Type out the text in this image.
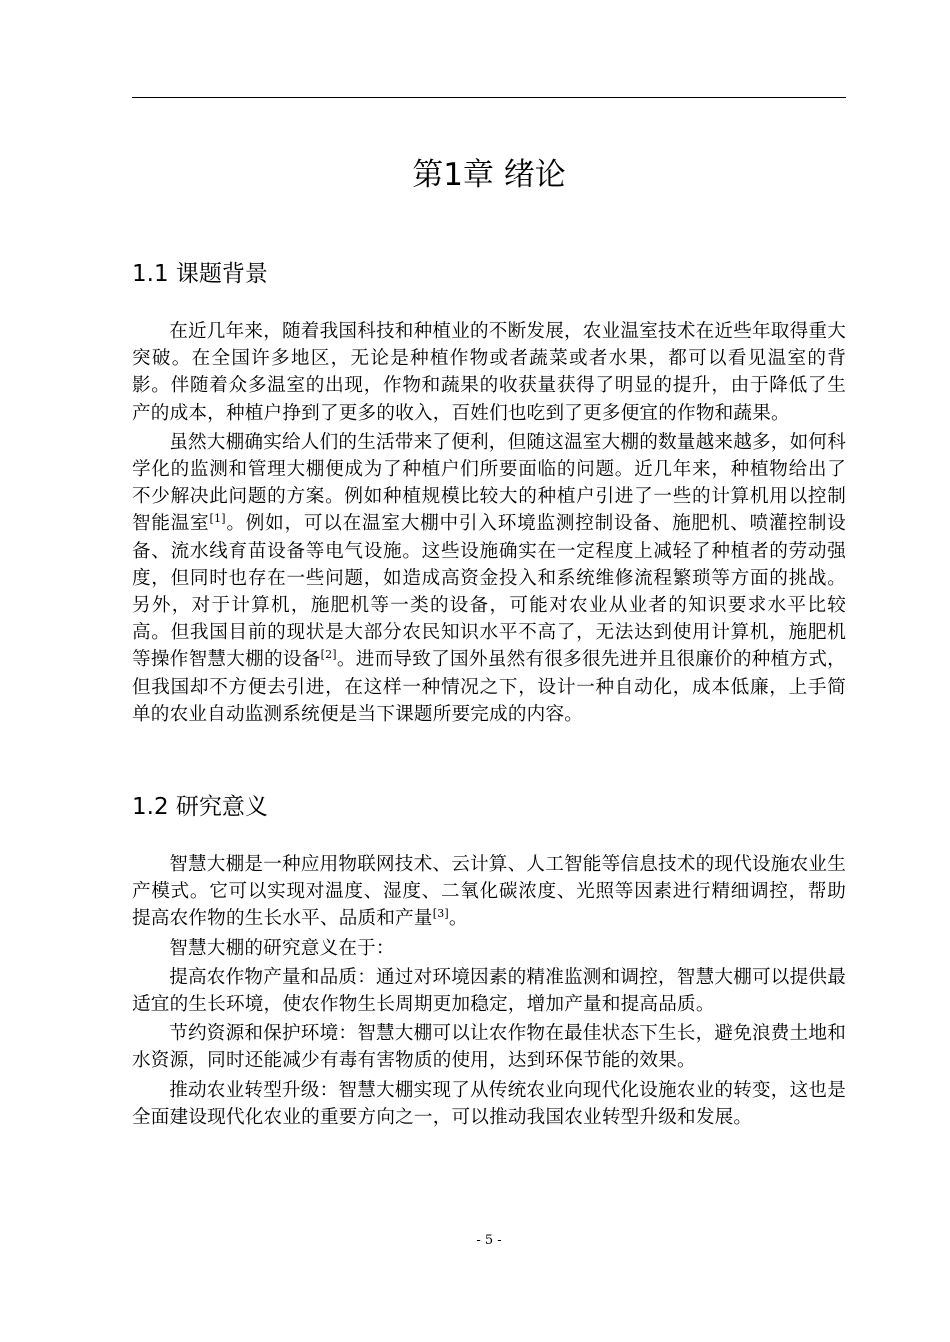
第1章 绪论
1.1 课题背景

在近几年来，随着我国科技和种植业的不断发展，农业温室技术在近些年取得重大突破。在全国许多地区，无论是种植作物或者蔬菜或者水果，都可以看见温室的背影。伴随着众多温室的出现，作物和蔬果的收获量获得了明显的提升，由于降低了生产的成本，种植户挣到了更多的收入，百姓们也吃到了更多便宜的作物和蔬果。

虽然大棚确实给人们的生活带来了便利，但随这温室大棚的数量越来越多，如何科学化的监测和管理大棚便成为了种植户们所要面临的问题。近几年来，种植物给出了不少解决此问题的方案。例如种植规模比较大的种植户引进了一些的计算机用以控制智能温室[1]。例如，可以在温室大棚中引入环境监测控制设备、施肥机、喷灌控制设备、流水线育苗设备等电气设施。这些设施确实在一定程度上减轻了种植者的劳动强度，但同时也存在一些问题，如造成高资金投入和系统维修流程繁琐等方面的挑战。另外，对于计算机，施肥机等一类的设备，可能对农业从业者的知识要求水平比较高。但我国目前的现状是大部分农民知识水平不高了，无法达到使用计算机，施肥机等操作智慧大棚的设备[2]。进而导致了国外虽然有很多很先进并且很廉价的种植方式，但我国却不方便去引进，在这样一种情况之下，设计一种自动化，成本低廉，上手简单的农业自动监测系统便是当下课题所要完成的内容。

1.2 研究意义

智慧大棚是一种应用物联网技术、云计算、人工智能等信息技术的现代设施农业生产模式。它可以实现对温度、湿度、二氧化碳浓度、光照等因素进行精细调控，帮助提高农作物的生长水平、品质和产量[3]。

智慧大棚的研究意义在于：

提高农作物产量和品质：通过对环境因素的精准监测和调控，智慧大棚可以提供最适宜的生长环境，使农作物生长周期更加稳定，增加产量和提高品质。

节约资源和保护环境：智慧大棚可以让农作物在最佳状态下生长，避免浪费土地和水资源，同时还能减少有毒有害物质的使用，达到环保节能的效果。

推动农业转型升级：智慧大棚实现了从传统农业向现代化设施农业的转变，这也是全面建设现代化农业的重要方向之一，可以推动我国农业转型升级和发展。

- 5 -
